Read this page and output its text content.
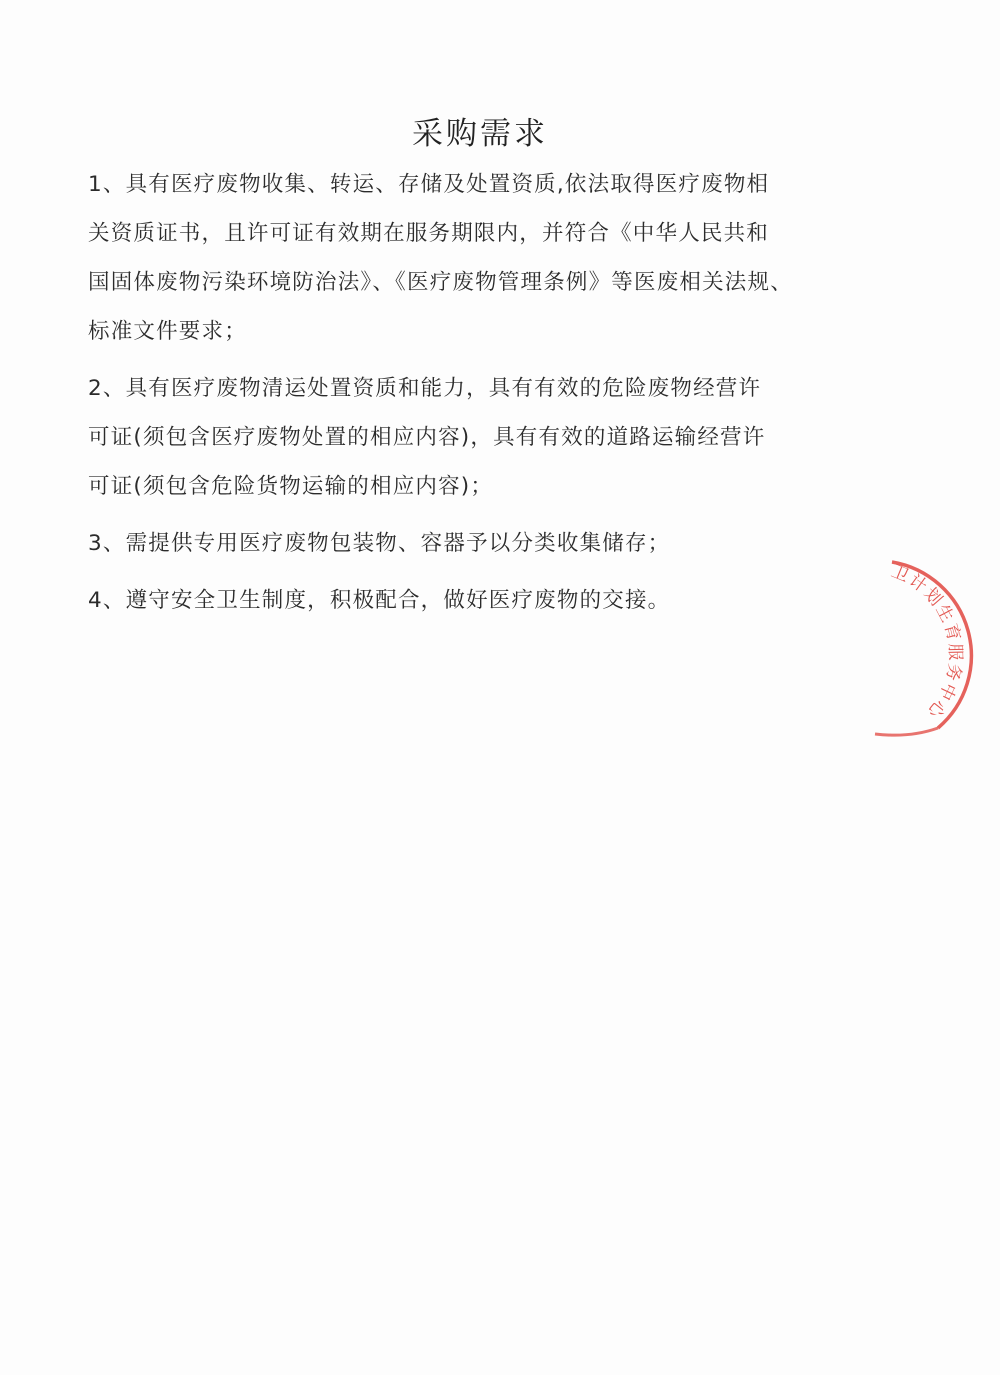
采购需求

1、具有医疗废物收集、转运、存储及处置资质,依法取得医疗废物相
关资质证书，且许可证有效期在服务期限内，并符合《中华人民共和
国固体废物污染环境防治法》、《医疗废物管理条例》等医废相关法规、
标准文件要求；

2、具有医疗废物清运处置资质和能力，具有有效的危险废物经营许
可证(须包含医疗废物处置的相应内容)，具有有效的道路运输经营许
可证(须包含危险货物运输的相应内容)；

3、需提供专用医疗废物包装物、容器予以分类收集储存；

4、遵守安全卫生制度，积极配合，做好医疗废物的交接。

卫计划生育服务中心
